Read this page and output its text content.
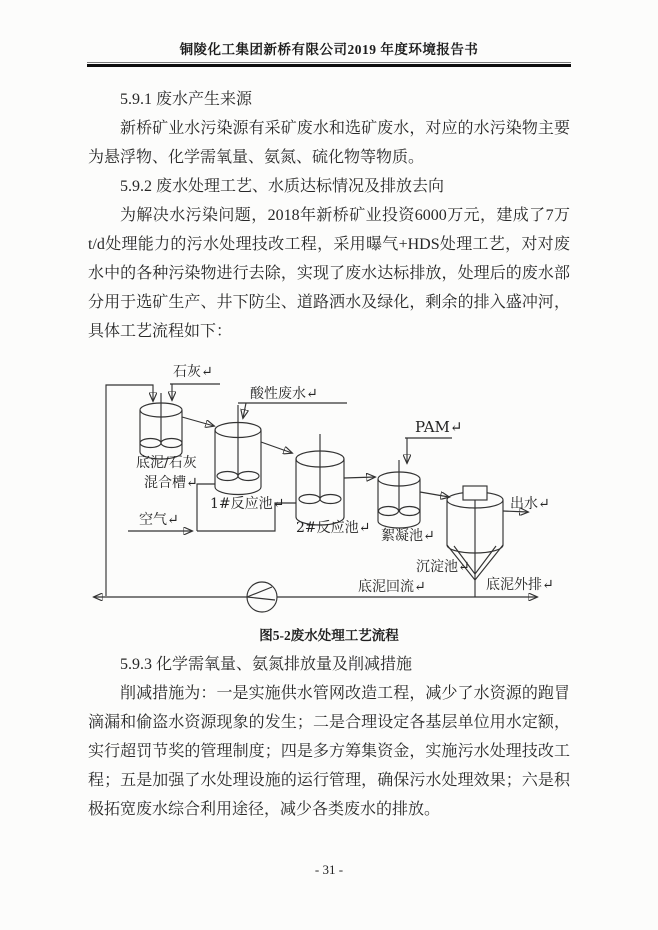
铜陵化工集团新桥有限公司2019 年度环境报告书
5.9.1 废水产生来源
新桥矿业水污染源有采矿废水和选矿废水，对应的水污染物主要
为悬浮物、化学需氧量、氨氮、硫化物等物质。
5.9.2 废水处理工艺、水质达标情况及排放去向
为解决水污染问题，2018年新桥矿业投资6000万元，建成了7万
t/d处理能力的污水处理技改工程，采用曝气+HDS处理工艺，对对废
水中的各种污染物进行去除，实现了废水达标排放，处理后的废水部
分用于选矿生产、井下防尘、道路洒水及绿化，剩余的排入盛冲河，
具体工艺流程如下：
石灰↵
酸性废水↵
PAM↵
底泥/石灰
混合槽↵
1#反应池↵
2#反应池↵
空气↵
絮凝池↵
沉淀池↵
出水↵
底泥回流↵	底泥外排↵
图5-2废水处理工艺流程
5.9.3 化学需氧量、氨氮排放量及削减措施
削减措施为：一是实施供水管网改造工程，减少了水资源的跑冒
滴漏和偷盗水资源现象的发生；二是合理设定各基层单位用水定额，
实行超罚节奖的管理制度；四是多方筹集资金，实施污水处理技改工
程；五是加强了水处理设施的运行管理，确保污水处理效果；六是积
极拓宽废水综合利用途径，减少各类废水的排放。
- 31 -
